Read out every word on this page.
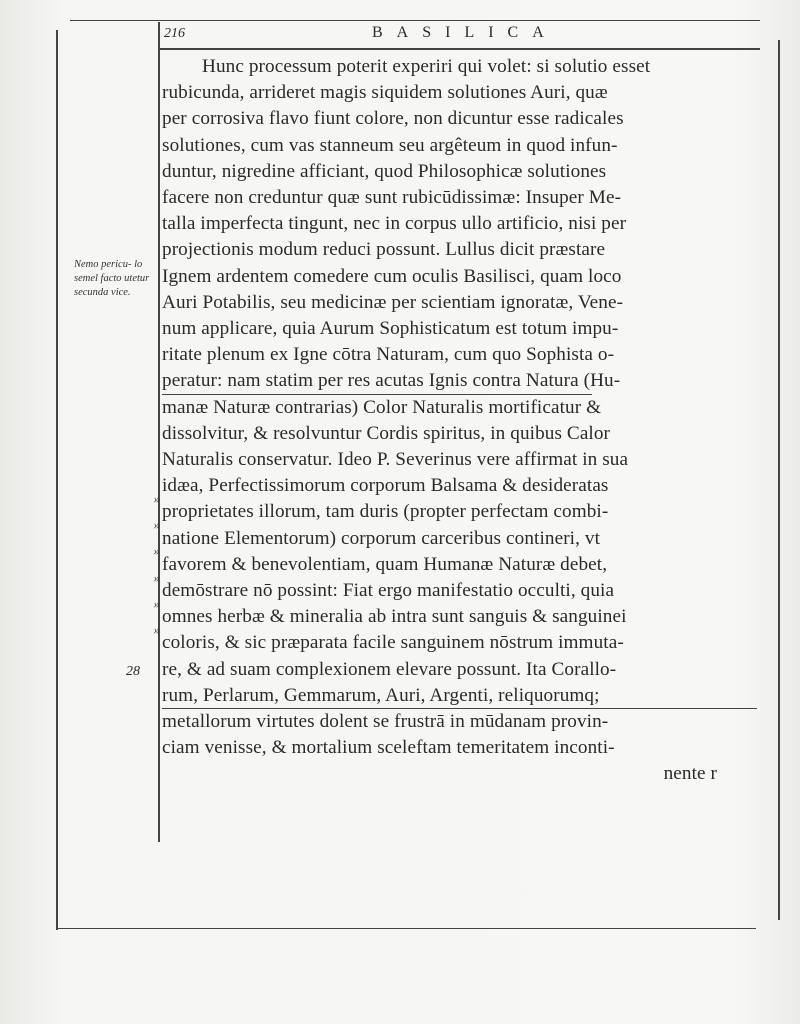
216	BASILICA
Nemo pericu- lo semel facto utetur secunda vice.
»
»
»
»
»
»
28
Hunc processum poterit experiri qui volet: si solutio esset
rubicunda, arrideret magis siquidem solutiones Auri, quæ
per corrosiva flavo fiunt colore, non dicuntur esse radicales
solutiones, cum vas stanneum seu argêteum in quod infun-
duntur, nigredine afficiant, quod Philosophicæ solutiones
facere non creduntur quæ sunt rubicūdissimæ: Insuper Me-
talla imperfecta tingunt, nec in corpus ullo artificio, nisi per
projectionis modum reduci possunt. Lullus dicit præstare
Ignem ardentem comedere cum oculis Basilisci, quam loco
Auri Potabilis, seu medicinæ per scientiam ignoratæ, Vene-
num applicare, quia Aurum Sophisticatum est totum impu-
ritate plenum ex Igne cōtra Naturam, cum quo Sophista o-
peratur: nam statim per res acutas Ignis contra Natura (Hu-
manæ Naturæ contrarias) Color Naturalis mortificatur &
dissolvitur, & resolvuntur Cordis spiritus, in quibus Calor
Naturalis conservatur. Ideo P. Severinus vere affirmat in sua
idæa, Perfectissimorum corporum Balsama & desideratas
proprietates illorum, tam duris (propter perfectam combi-
natione Elementorum) corporum carceribus contineri, vt
favorem & benevolentiam, quam Humanæ Naturæ debet,
demōstrare nō possint: Fiat ergo manifestatio occulti, quia
omnes herbæ & mineralia ab intra sunt sanguis & sanguinei
coloris, & sic præparata facile sanguinem nōstrum immuta-
re, & ad suam complexionem elevare possunt. Ita Corallo-
rum, Perlarum, Gemmarum, Auri, Argenti, reliquorumq;
metallorum virtutes dolent se frustrā in mūdanam provin-
ciam venisse, & mortalium sceleftam temeritatem inconti-
nente r
